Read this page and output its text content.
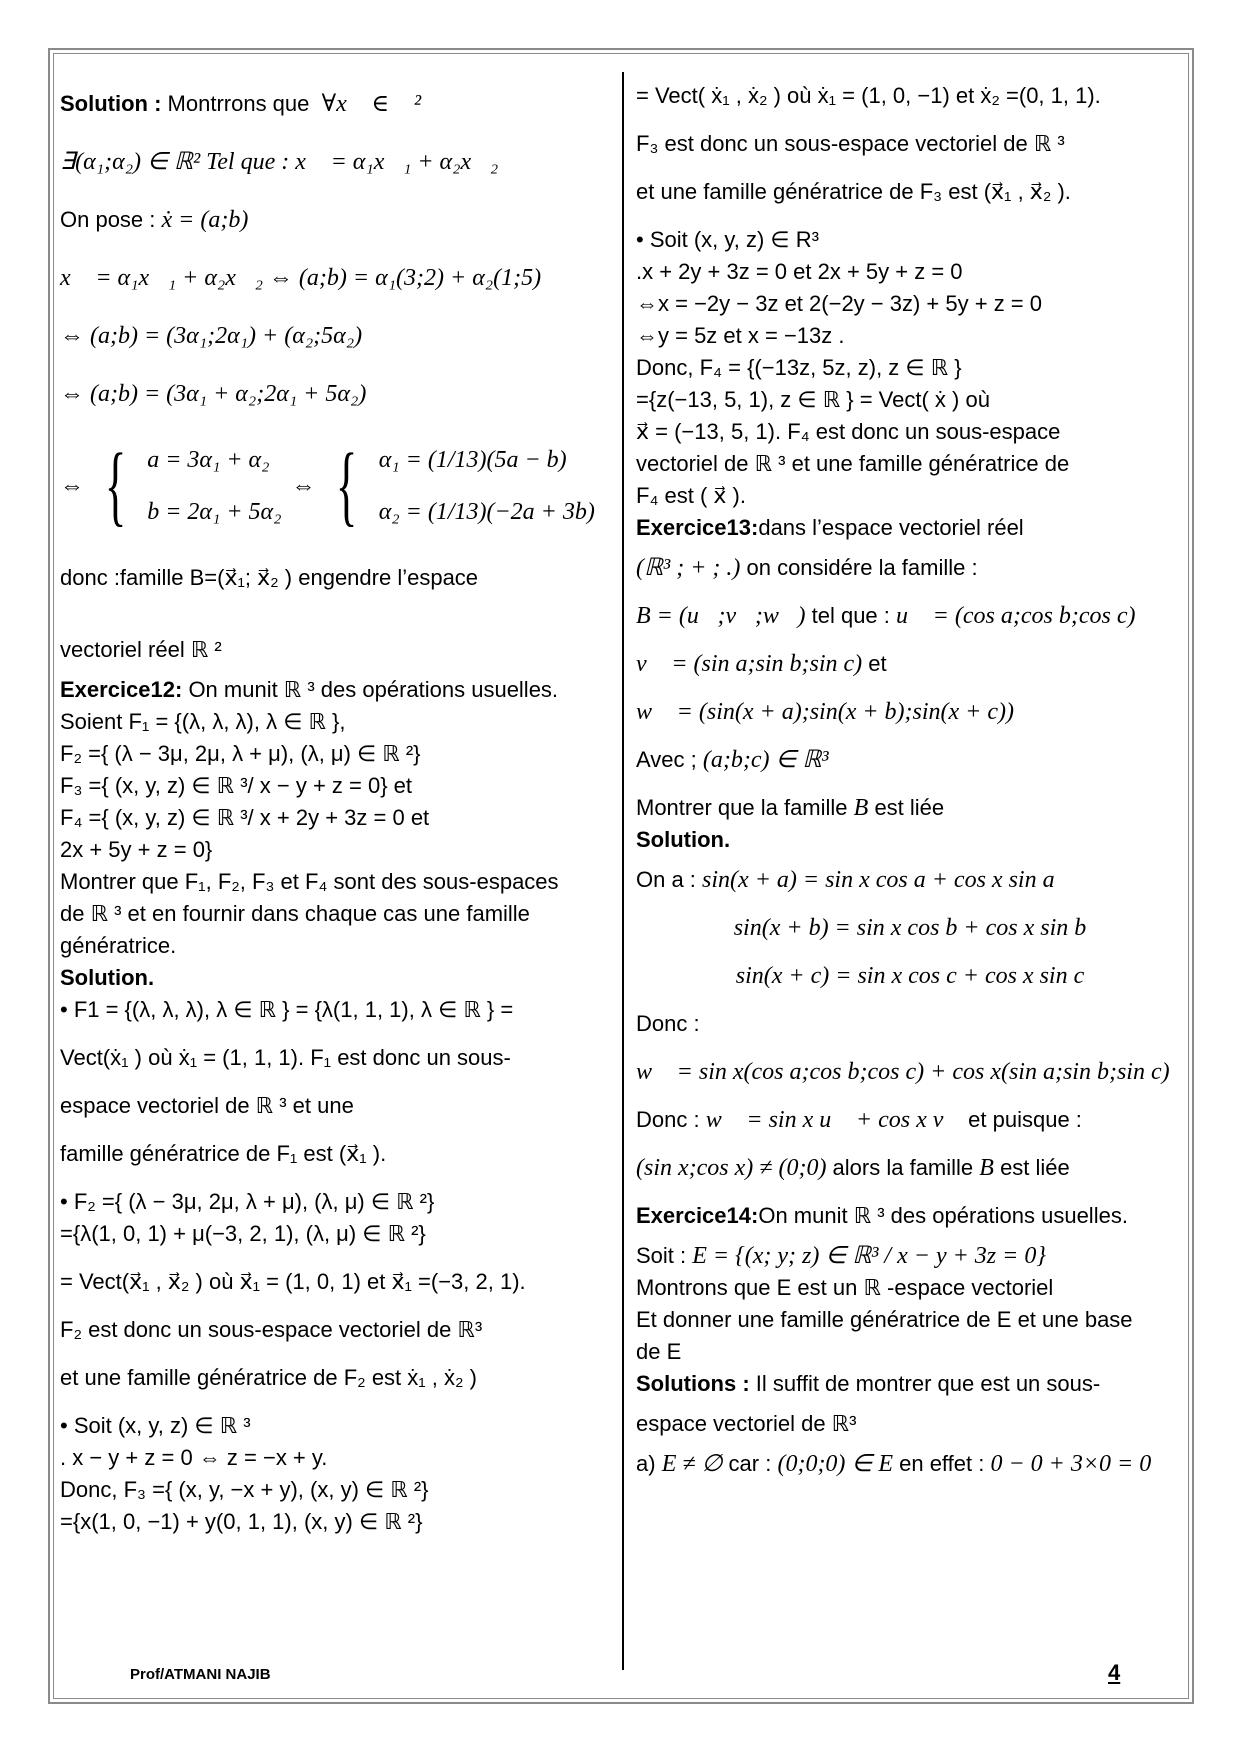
Solution : Montrrons que  ∀x⃗ ∈ ℝ²
∃(α₁;α₂) ∈ ℝ² Tel que : x⃗ = α₁x⃗₁ + α₂x⃗₂
On pose : ẋ = (a;b)
x⃗ = α₁x⃗₁ + α₂x⃗₂ ⇔ (a;b) = α₁(3;2) + α₂(1;5)
⇔ (a;b) = (3α₁;2α₁) + (α₂;5α₂)
⇔ (a;b) = (3α₁ + α₂;2α₁ + 5α₂)
⇔ { a = 3α₁ + α₂
b = 2α₁ + 5α₂
⇔ { α₁ = (1/13)(5a − b)
α₂ = (1/13)(−2a + 3b)
donc :famille B=(x⃗₁; x⃗₂ ) engendre l’espace
vectoriel réel ℝ ²
Exercice12: On munit ℝ ³ des opérations usuelles.
Soient F₁ = {(λ, λ, λ), λ ∈ ℝ },
F₂ ={ (λ − 3μ, 2μ, λ + μ), (λ, μ) ∈ ℝ ²}
F₃ ={ (x, y, z) ∈ ℝ ³/ x − y + z = 0} et
F₄ ={ (x, y, z) ∈ ℝ ³/ x + 2y + 3z = 0 et
2x + 5y + z = 0}
Montrer que F₁, F₂, F₃ et F₄ sont des sous-espaces
de ℝ ³ et en fournir dans chaque cas une famille
génératrice.
Solution.
• F1 = {(λ, λ, λ), λ ∈ ℝ } = {λ(1, 1, 1), λ ∈ ℝ } =
Vect(ẋ₁ ) où ẋ₁ = (1, 1, 1). F₁ est donc un sous-
espace vectoriel de ℝ ³ et une
famille génératrice de F₁ est (x⃗₁ ).
• F₂ ={ (λ − 3μ, 2μ, λ + μ), (λ, μ) ∈ ℝ ²}
={λ(1, 0, 1) + μ(−3, 2, 1), (λ, μ) ∈ ℝ ²}
= Vect(x⃗₁ , x⃗₂ ) où x⃗₁ = (1, 0, 1) et x⃗₁ =(−3, 2, 1).
F₂ est donc un sous-espace vectoriel de ℝ³
et une famille génératrice de F₂ est ẋ₁ , ẋ₂ )
• Soit (x, y, z) ∈ ℝ ³
. x − y + z = 0 ⇔ z = −x + y.
Donc, F₃ ={ (x, y, −x + y), (x, y) ∈ ℝ ²}
={x(1, 0, −1) + y(0, 1, 1), (x, y) ∈ ℝ ²}
= Vect( ẋ₁ , ẋ₂ ) où ẋ₁ = (1, 0, −1) et ẋ₂ =(0, 1, 1).
F₃ est donc un sous-espace vectoriel de ℝ ³
et une famille génératrice de F₃ est (x⃗₁ , x⃗₂ ).
• Soit (x, y, z) ∈ R³
.x + 2y + 3z = 0 et 2x + 5y + z = 0
⇔x = −2y − 3z et 2(−2y − 3z) + 5y + z = 0
⇔y = 5z et x = −13z .
Donc, F₄ = {(−13z, 5z, z), z ∈ ℝ }
={z(−13, 5, 1), z ∈ ℝ } = Vect( ẋ ) où
x⃗ = (−13, 5, 1). F₄ est donc un sous-espace
vectoriel de ℝ ³ et une famille génératrice de
F₄ est ( x⃗ ).
Exercice13:dans l’espace vectoriel réel
(ℝ³ ; + ; .) on considére la famille :
B = (u⃗;v⃗;w⃗) tel que : u⃗ = (cos a;cos b;cos c)
v⃗ = (sin a;sin b;sin c) et
w⃗ = (sin(x + a);sin(x + b);sin(x + c))
Avec ; (a;b;c) ∈ ℝ³
Montrer que la famille B est liée
Solution.
On a : sin(x + a) = sin x cos a + cos x sin a
sin(x + b) = sin x cos b + cos x sin b
sin(x + c) = sin x cos c + cos x sin c
Donc :
w⃗ = sin x(cos a;cos b;cos c) + cos x(sin a;sin b;sin c)
Donc : w⃗ = sin x u⃗ + cos x v⃗ et puisque :
(sin x;cos x) ≠ (0;0) alors la famille B est liée
Exercice14:On munit ℝ ³ des opérations usuelles.
Soit : E = {(x; y; z) ∈ ℝ³ / x − y + 3z = 0}
Montrons que E est un ℝ -espace vectoriel
Et donner une famille génératrice de E et une base
de E
Solutions : Il suffit de montrer que est un sous-
espace vectoriel de ℝ³
a) E ≠ ∅ car : (0;0;0) ∈ E en effet : 0 − 0 + 3×0 = 0
Prof/ATMANI NAJIB	4
